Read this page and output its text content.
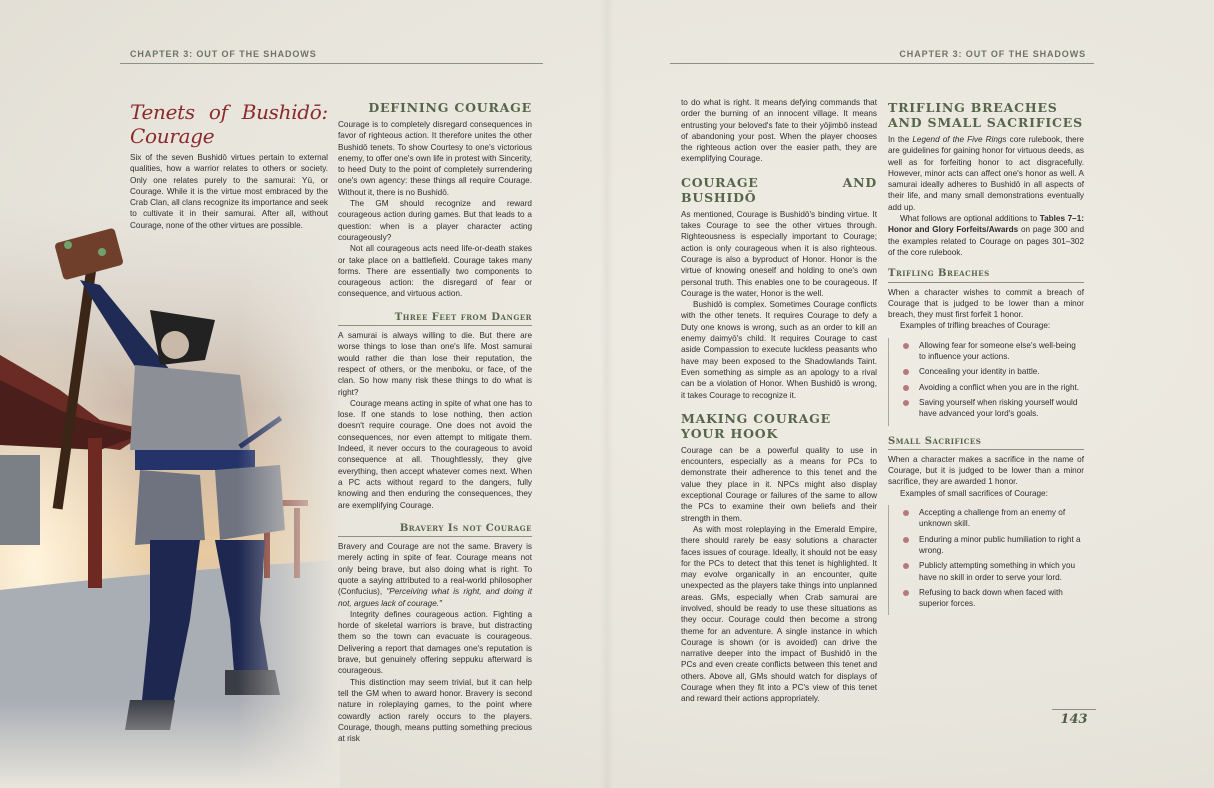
CHAPTER 3: OUT OF THE SHADOWS	CHAPTER 3: OUT OF THE SHADOWS
Tenets of Bushidō: Courage

Six of the seven Bushidō virtues pertain to external qualities, how a warrior relates to others or society. Only one relates purely to the samurai: Yū, or Courage. While it is the virtue most embraced by the Crab Clan, all clans recognize its importance and seek to cultivate it in their samurai. After all, without Courage, none of the other virtues are possible.

DEFINING COURAGE

Courage is to completely disregard consequences in favor of righteous action. It therefore unites the other Bushidō tenets. To show Courtesy to one's victorious enemy, to offer one's own life in protest with Sincerity, to heed Duty to the point of completely surrendering one's own agency: these things all require Courage. Without it, there is no Bushidō.

The GM should recognize and reward courageous action during games. But that leads to a question: when is a player character acting courageously?

Not all courageous acts need life-or-death stakes or take place on a battlefield. Courage takes many forms. There are essentially two components to courageous action: the disregard of fear or consequence, and virtuous action.

Three Feet from Danger

A samurai is always willing to die. But there are worse things to lose than one's life. Most samurai would rather die than lose their reputation, the respect of others, or the menboku, or face, of the clan. So how many risk these things to do what is right?

Courage means acting in spite of what one has to lose. If one stands to lose nothing, then action doesn't require courage. One does not avoid the consequences, nor even attempt to mitigate them. Indeed, it never occurs to the courageous to avoid consequence at all. Thoughtlessly, they give everything, then accept whatever comes next. When a PC acts without regard to the dangers, fully knowing and then enduring the consequences, they are exemplifying Courage.

Bravery Is not Courage

Bravery and Courage are not the same. Bravery is merely acting in spite of fear. Courage means not only being brave, but also doing what is right. To quote a saying attributed to a real-world philosopher (Confucius), "Perceiving what is right, and doing it not, argues lack of courage."

Integrity defines courageous action. Fighting a horde of skeletal warriors is brave, but distracting them so the town can evacuate is courageous. Delivering a report that damages one's reputation is brave, but genuinely offering seppuku afterward is courageous.

This distinction may seem trivial, but it can help tell the GM when to award honor. Bravery is second nature in roleplaying games, to the point where cowardly action rarely occurs to the players. Courage, though, means putting something precious at risk

to do what is right. It means defying commands that order the burning of an innocent village. It means entrusting your beloved's fate to their yōjimbō instead of abandoning your post. When the player chooses the righteous action over the easier path, they are exemplifying Courage.

COURAGE AND BUSHIDŌ

As mentioned, Courage is Bushidō's binding virtue. It takes Courage to see the other virtues through. Righteousness is especially important to Courage; action is only courageous when it is also righteous. Courage is also a byproduct of Honor. Honor is the virtue of knowing oneself and holding to one's own personal truth. This enables one to be courageous. If Courage is the water, Honor is the well.

Bushidō is complex. Sometimes Courage conflicts with the other tenets. It requires Courage to defy a Duty one knows is wrong, such as an order to kill an enemy daimyō's child. It requires Courage to cast aside Compassion to execute luckless peasants who have may been exposed to the Shadowlands Taint. Even something as simple as an apology to a rival can be a violation of Honor. When Bushidō is wrong, it takes Courage to recognize it.

MAKING COURAGE
YOUR HOOK

Courage can be a powerful quality to use in encounters, especially as a means for PCs to demonstrate their adherence to this tenet and the value they place in it. NPCs might also display exceptional Courage or failures of the same to allow the PCs to examine their own beliefs and their strength in them.

As with most roleplaying in the Emerald Empire, there should rarely be easy solutions a character faces issues of courage. Ideally, it should not be easy for the PCs to detect that this tenet is highlighted. It may evolve organically in an encounter, quite unexpected as the players take things into unplanned areas. GMs, especially when Crab samurai are involved, should be ready to use these situations as they occur. Courage could then become a strong theme for an adventure. A single instance in which Courage is shown (or is avoided) can drive the narrative deeper into the impact of Bushidō in the PCs and even create conflicts between this tenet and others. Above all, GMs should watch for displays of Courage when they fit into a PC's view of this tenet and reward their actions appropriately.

TRIFLING BREACHES
AND SMALL SACRIFICES

In the Legend of the Five Rings core rulebook, there are guidelines for gaining honor for virtuous deeds, as well as for forfeiting honor to act disgracefully. However, minor acts can affect one's honor as well. A samurai ideally adheres to Bushidō in all aspects of their life, and many small demonstrations eventually add up.

What follows are optional additions to Tables 7–1: Honor and Glory Forfeits/Awards on page 300 and the examples related to Courage on pages 301–302 of the core rulebook.

Trifling Breaches

When a character wishes to commit a breach of Courage that is judged to be lower than a minor breach, they must first forfeit 1 honor.

Examples of trifling breaches of Courage:

Allowing fear for someone else's well-being to influence your actions.
Concealing your identity in battle.
Avoiding a conflict when you are in the right.
Saving yourself when risking yourself would have advanced your lord's goals.
Small Sacrifices

When a character makes a sacrifice in the name of Courage, but it is judged to be lower than a minor sacrifice, they are awarded 1 honor.

Examples of small sacrifices of Courage:

Accepting a challenge from an enemy of unknown skill.
Enduring a minor public humiliation to right a wrong.
Publicly attempting something in which you have no skill in order to serve your lord.
Refusing to back down when faced with superior forces.
143
